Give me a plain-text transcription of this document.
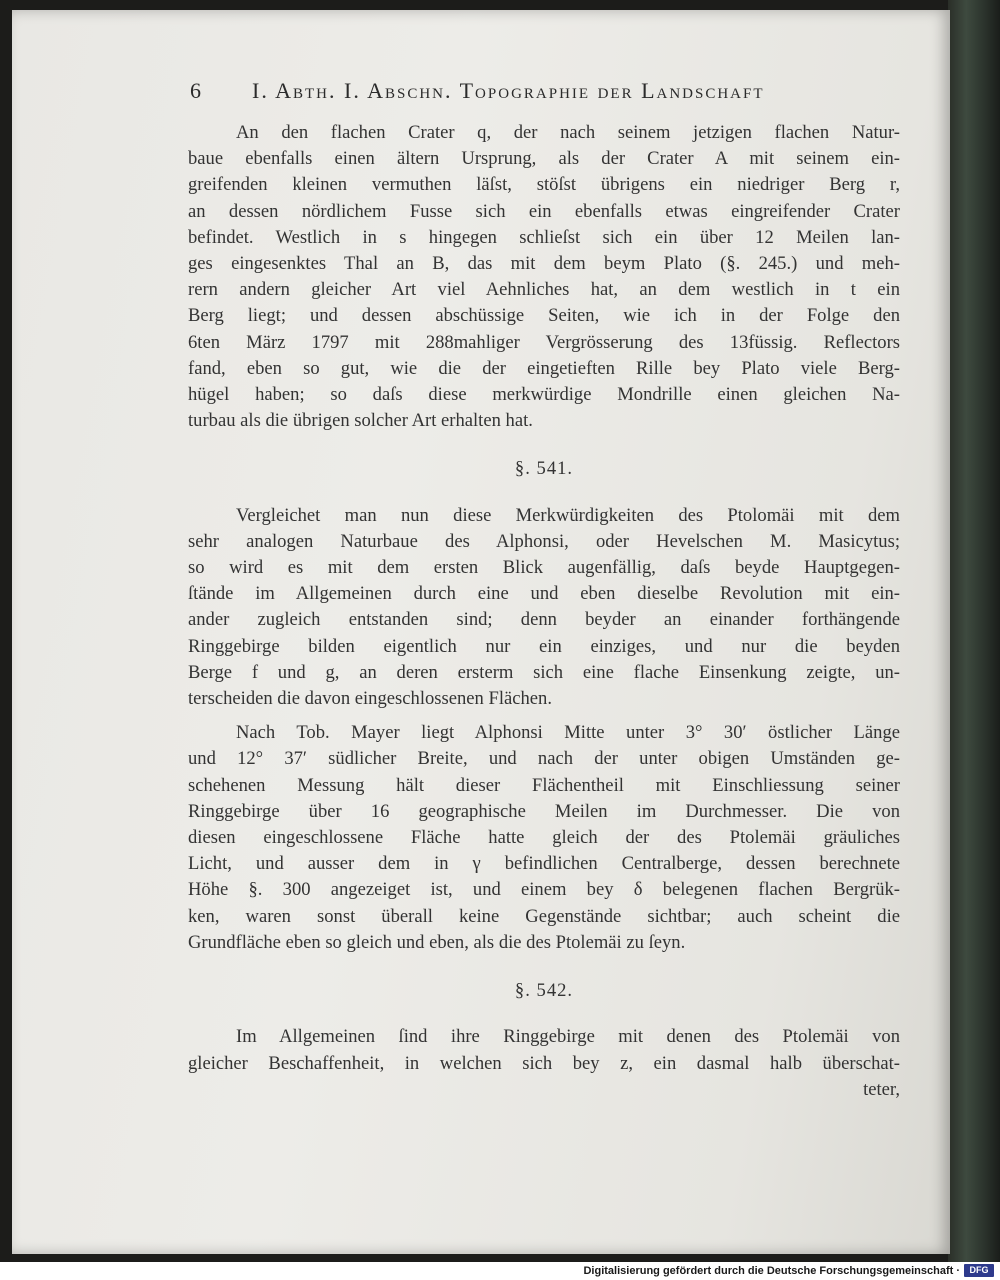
6 I. Abth. I. Abschn. Topographie der Landschaft

An den flachen Crater q, der nach seinem jetzigen flachen Natur-
baue ebenfalls einen ältern Ursprung, als der Crater A mit seinem ein-
greifenden kleinen vermuthen läſst, stöſst übrigens ein niedriger Berg r,
an dessen nördlichem Fusse sich ein ebenfalls etwas eingreifender Crater
befindet. Westlich in s hingegen schlieſst sich ein über 12 Meilen lan-
ges eingesenktes Thal an B, das mit dem beym Plato (§. 245.) und meh-
rern andern gleicher Art viel Aehnliches hat, an dem westlich in t ein
Berg liegt; und dessen abschüssige Seiten, wie ich in der Folge den
6ten März 1797 mit 288mahliger Vergrösserung des 13füssig. Reflectors
fand, eben so gut, wie die der eingetieften Rille bey Plato viele Berg-
hügel haben; so daſs diese merkwürdige Mondrille einen gleichen Na-
turbau als die übrigen solcher Art erhalten hat.

§. 541.

Vergleichet man nun diese Merkwürdigkeiten des Ptolomäi mit dem
sehr analogen Naturbaue des Alphonsi, oder Hevelschen M. Masicytus;
so wird es mit dem ersten Blick augenfällig, daſs beyde Hauptgegen-
ſtände im Allgemeinen durch eine und eben dieselbe Revolution mit ein-
ander zugleich entstanden sind; denn beyder an einander forthängende
Ringgebirge bilden eigentlich nur ein einziges, und nur die beyden
Berge f und g, an deren ersterm sich eine flache Einsenkung zeigte, un-
terscheiden die davon eingeschlossenen Flächen.

Nach Tob. Mayer liegt Alphonsi Mitte unter 3° 30′ östlicher Länge
und 12° 37′ südlicher Breite, und nach der unter obigen Umständen ge-
schehenen Messung hält dieser Flächentheil mit Einschliessung seiner
Ringgebirge über 16 geographische Meilen im Durchmesser. Die von
diesen eingeschlossene Fläche hatte gleich der des Ptolemäi gräuliches
Licht, und ausser dem in γ befindlichen Centralberge, dessen berechnete
Höhe §. 300 angezeiget ist, und einem bey δ belegenen flachen Bergrük-
ken, waren sonst überall keine Gegenstände sichtbar; auch scheint die
Grundfläche eben so gleich und eben, als die des Ptolemäi zu ſeyn.

§. 542.

Im Allgemeinen ſind ihre Ringgebirge mit denen des Ptolemäi von
gleicher Beschaffenheit, in welchen sich bey z, ein dasmal halb überschat-
teter,

Digitalisierung gefördert durch die Deutsche Forschungsgemeinschaft ·	DFG
